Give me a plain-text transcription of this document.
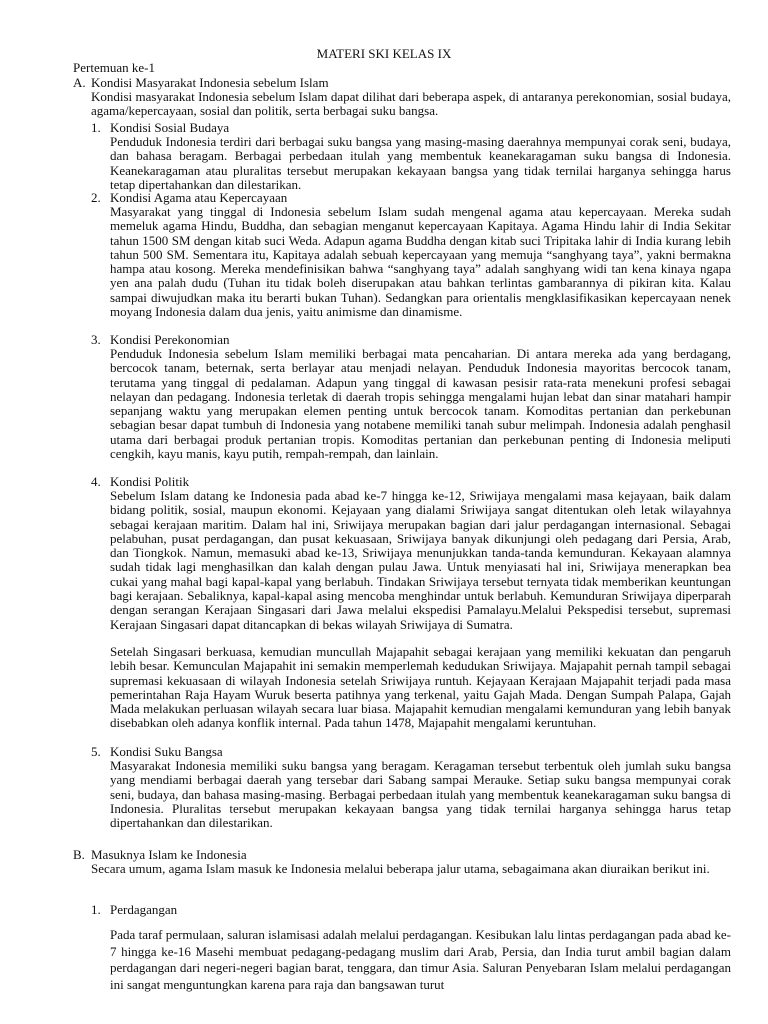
MATERI SKI KELAS IX
Pertemuan ke-1
A. Kondisi Masyarakat Indonesia sebelum Islam
Kondisi masyarakat Indonesia sebelum Islam dapat dilihat dari beberapa aspek, di antaranya perekonomian, sosial budaya, agama/kepercayaan, sosial dan politik, serta berbagai suku bangsa.
1. Kondisi Sosial Budaya
Penduduk Indonesia terdiri dari berbagai suku bangsa yang masing-masing daerahnya mempunyai corak seni, budaya, dan bahasa beragam. Berbagai perbedaan itulah yang membentuk keanekaragaman suku bangsa di Indonesia. Keanekaragaman atau pluralitas tersebut merupakan kekayaan bangsa yang tidak ternilai harganya sehingga harus tetap dipertahankan dan dilestarikan.
2. Kondisi Agama atau Kepercayaan
Masyarakat yang tinggal di Indonesia sebelum Islam sudah mengenal agama atau kepercayaan. Mereka sudah memeluk agama Hindu, Buddha, dan sebagian menganut kepercayaan Kapitaya. Agama Hindu lahir di India Sekitar tahun 1500 SM dengan kitab suci Weda. Adapun agama Buddha dengan kitab suci Tripitaka lahir di India kurang lebih tahun 500 SM. Sementara itu, Kapitaya adalah sebuah kepercayaan yang memuja “sanghyang taya”, yakni bermakna hampa atau kosong. Mereka mendefinisikan bahwa “sanghyang taya” adalah sanghyang widi tan kena kinaya ngapa yen ana palah dudu (Tuhan itu tidak boleh diserupakan atau bahkan terlintas gambarannya di pikiran kita. Kalau sampai diwujudkan maka itu berarti bukan Tuhan). Sedangkan para orientalis mengklasifikasikan kepercayaan nenek moyang Indonesia dalam dua jenis, yaitu animisme dan dinamisme.
3. Kondisi Perekonomian
Penduduk Indonesia sebelum Islam memiliki berbagai mata pencaharian. Di antara mereka ada yang berdagang, bercocok tanam, beternak, serta berlayar atau menjadi nelayan. Penduduk Indonesia mayoritas bercocok tanam, terutama yang tinggal di pedalaman. Adapun yang tinggal di kawasan pesisir rata-rata menekuni profesi sebagai nelayan dan pedagang. Indonesia terletak di daerah tropis sehingga mengalami hujan lebat dan sinar matahari hampir sepanjang waktu yang merupakan elemen penting untuk bercocok tanam. Komoditas pertanian dan perkebunan sebagian besar dapat tumbuh di Indonesia yang notabene memiliki tanah subur melimpah. Indonesia adalah penghasil utama dari berbagai produk pertanian tropis. Komoditas pertanian dan perkebunan penting di Indonesia meliputi cengkih, kayu manis, kayu putih, rempah-rempah, dan lainlain.
4. Kondisi Politik
Sebelum Islam datang ke Indonesia pada abad ke-7 hingga ke-12, Sriwijaya mengalami masa kejayaan, baik dalam bidang politik, sosial, maupun ekonomi. Kejayaan yang dialami Sriwijaya sangat ditentukan oleh letak wilayahnya sebagai kerajaan maritim. Dalam hal ini, Sriwijaya merupakan bagian dari jalur perdagangan internasional. Sebagai pelabuhan, pusat perdagangan, dan pusat kekuasaan, Sriwijaya banyak dikunjungi oleh pedagang dari Persia, Arab, dan Tiongkok. Namun, memasuki abad ke-13, Sriwijaya menunjukkan tanda-tanda kemunduran. Kekayaan alamnya sudah tidak lagi menghasilkan dan kalah dengan pulau Jawa. Untuk menyiasati hal ini, Sriwijaya menerapkan bea cukai yang mahal bagi kapal-kapal yang berlabuh. Tindakan Sriwijaya tersebut ternyata tidak memberikan keuntungan bagi kerajaan. Sebaliknya, kapal-kapal asing mencoba menghindar untuk berlabuh. Kemunduran Sriwijaya diperparah dengan serangan Kerajaan Singasari dari Jawa melalui ekspedisi Pamalayu.Melalui Pekspedisi tersebut, supremasi Kerajaan Singasari dapat ditancapkan di bekas wilayah Sriwijaya di Sumatra.
Setelah Singasari berkuasa, kemudian muncullah Majapahit sebagai kerajaan yang memiliki kekuatan dan pengaruh lebih besar. Kemunculan Majapahit ini semakin memperlemah kedudukan Sriwijaya. Majapahit pernah tampil sebagai supremasi kekuasaan di wilayah Indonesia setelah Sriwijaya runtuh. Kejayaan Kerajaan Majapahit terjadi pada masa pemerintahan Raja Hayam Wuruk beserta patihnya yang terkenal, yaitu Gajah Mada. Dengan Sumpah Palapa, Gajah Mada melakukan perluasan wilayah secara luar biasa. Majapahit kemudian mengalami kemunduran yang lebih banyak disebabkan oleh adanya konflik internal. Pada tahun 1478, Majapahit mengalami keruntuhan.
5. Kondisi Suku Bangsa
Masyarakat Indonesia memiliki suku bangsa yang beragam. Keragaman tersebut terbentuk oleh jumlah suku bangsa yang mendiami berbagai daerah yang tersebar dari Sabang sampai Merauke. Setiap suku bangsa mempunyai corak seni, budaya, dan bahasa masing-masing. Berbagai perbedaan itulah yang membentuk keanekaragaman suku bangsa di Indonesia. Pluralitas tersebut merupakan kekayaan bangsa yang tidak ternilai harganya sehingga harus tetap dipertahankan dan dilestarikan.
B. Masuknya Islam ke Indonesia
Secara umum, agama Islam masuk ke Indonesia melalui beberapa jalur utama, sebagaimana akan diuraikan berikut ini.
1. Perdagangan
Pada taraf permulaan, saluran islamisasi adalah melalui perdagangan. Kesibukan lalu lintas perdagangan pada abad ke-7 hingga ke-16 Masehi membuat pedagang-pedagang muslim dari Arab, Persia, dan India turut ambil bagian dalam perdagangan dari negeri-negeri bagian barat, tenggara, dan timur Asia. Saluran Penyebaran Islam melalui perdagangan ini sangat menguntungkan karena para raja dan bangsawan turut
